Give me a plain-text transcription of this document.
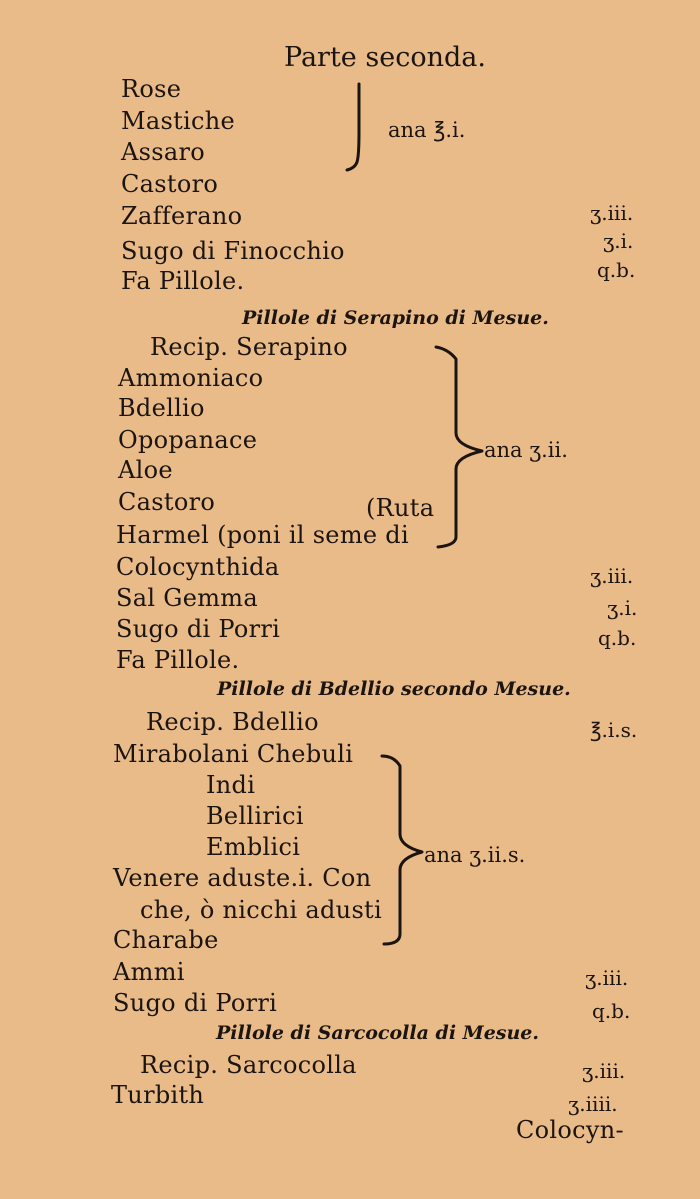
Parte seconda.
Rose
Mastiche
Assaro
Castoro
Zafferano
Sugo di Finocchio
Fa Pillole.
ana ℥.i.
ʒ.iii.
ʒ.i.
q.b.
Pillole di Serapino di Mesue.
Recip. Serapino
Ammoniaco
Bdellio
Opopanace
Aloe
Castoro	(Ruta
Harmel (poni il seme di
Colocynthida
Sal Gemma
Sugo di Porri
Fa Pillole.
ana ʒ.ii.
ʒ.iii.
ʒ.i.
q.b.
Pillole di Bdellio secondo Mesue.
Recip. Bdellio
Mirabolani Chebuli
Indi
Bellirici
Emblici
Venere aduste.i. Con
che, ò nicchi adusti
Charabe
Ammi
Sugo di Porri
ana ʒ.ii.s.
℥.i.s.
ʒ.iii.
q.b.
Pillole di Sarcocolla di Mesue.
Recip. Sarcocolla
Turbith
ʒ.iii.
ʒ.iiii.
Colocyn-
